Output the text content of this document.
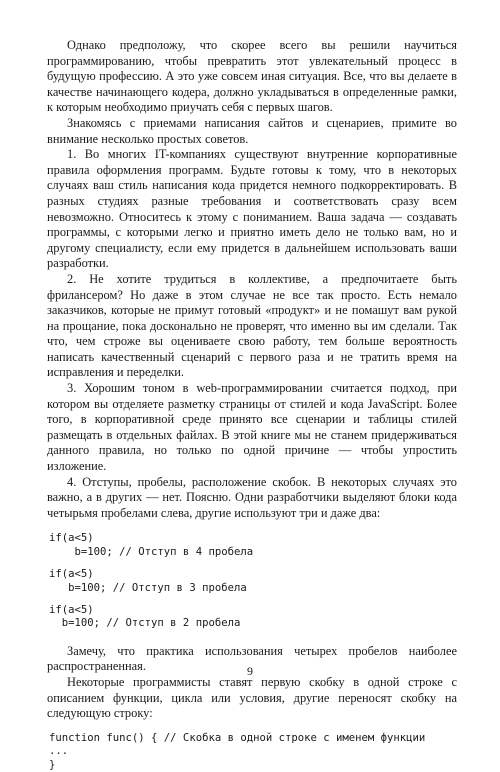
Однако предположу, что скорее всего вы решили научиться программированию, чтобы превратить этот увлекательный процесс в будущую профессию. А это уже совсем иная ситуация. Все, что вы делаете в качестве начинающего кодера, должно укладываться в определенные рамки, к которым необходимо приучать себя с первых шагов.

Знакомясь с приемами написания сайтов и сценариев, примите во внимание несколько простых советов.

1. Во многих IT-компаниях существуют внутренние корпоративные правила оформления программ. Будьте готовы к тому, что в некоторых случаях ваш стиль написания кода придется немного подкорректировать. В разных студиях разные требования и соответствовать сразу всем невозможно. Относитесь к этому с пониманием. Ваша задача — создавать программы, с которыми легко и приятно иметь дело не только вам, но и другому специалисту, если ему придется в дальнейшем использовать ваши разработки.

2. Не хотите трудиться в коллективе, а предпочитаете быть фрилансером? Но даже в этом случае не все так просто. Есть немало заказчиков, которые не примут готовый «продукт» и не помашут вам рукой на прощание, пока досконально не проверят, что именно вы им сделали. Так что, чем строже вы оцениваете свою работу, тем больше вероятность написать качественный сценарий с первого раза и не тратить время на исправления и переделки.

3. Хорошим тоном в web-программировании считается подход, при котором вы отделяете разметку страницы от стилей и кода JavaScript. Более того, в корпоративной среде принято все сценарии и таблицы стилей размещать в отдельных файлах. В этой книге мы не станем придерживаться данного правила, но только по одной причине — чтобы упростить изложение.

4. Отступы, пробелы, расположение скобок. В некоторых случаях это важно, а в других — нет. Поясню. Одни разработчики выделяют блоки кода четырьмя пробелами слева, другие используют три и даже два:

if(a<5)
b=100; // Отступ в 4 пробела
if(a<5)
b=100; // Отступ в 3 пробела
if(a<5)
b=100; // Отступ в 2 пробела

Замечу, что практика использования четырех пробелов наиболее распространенная.

Некоторые программисты ставят первую скобку в одной строке с описанием функции, цикла или условия, другие переносят скобку на следующую строку:

function func() { // Скобка в одной строке с именем функции
...
}
9
